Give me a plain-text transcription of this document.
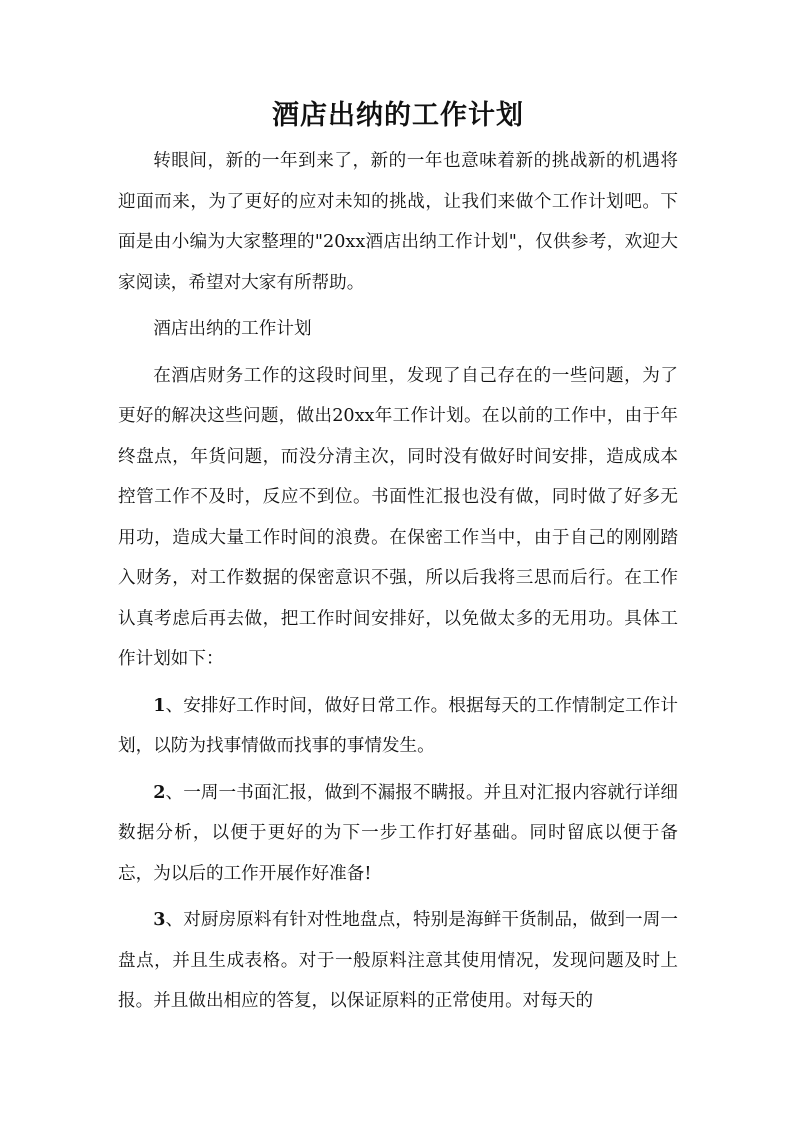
酒店出纳的工作计划

转眼间，新的一年到来了，新的一年也意味着新的挑战新的机遇将迎面而来，为了更好的应对未知的挑战，让我们来做个工作计划吧。下面是由小编为大家整理的"20xx酒店出纳工作计划"，仅供参考，欢迎大家阅读，希望对大家有所帮助。

酒店出纳的工作计划

在酒店财务工作的这段时间里，发现了自己存在的一些问题，为了更好的解决这些问题，做出20xx年工作计划。在以前的工作中，由于年终盘点，年货问题，而没分清主次，同时没有做好时间安排，造成成本控管工作不及时，反应不到位。书面性汇报也没有做，同时做了好多无用功，造成大量工作时间的浪费。在保密工作当中，由于自己的刚刚踏入财务，对工作数据的保密意识不强，所以后我将三思而后行。在工作认真考虑后再去做，把工作时间安排好，以免做太多的无用功。具体工作计划如下：

1、安排好工作时间，做好日常工作。根据每天的工作情制定工作计划，以防为找事情做而找事的事情发生。

2、一周一书面汇报，做到不漏报不瞒报。并且对汇报内容就行详细数据分析，以便于更好的为下一步工作打好基础。同时留底以便于备忘，为以后的工作开展作好准备!

3、对厨房原料有针对性地盘点，特别是海鲜干货制品，做到一周一盘点，并且生成表格。对于一般原料注意其使用情况，发现问题及时上报。并且做出相应的答复，以保证原料的正常使用。对每天的
